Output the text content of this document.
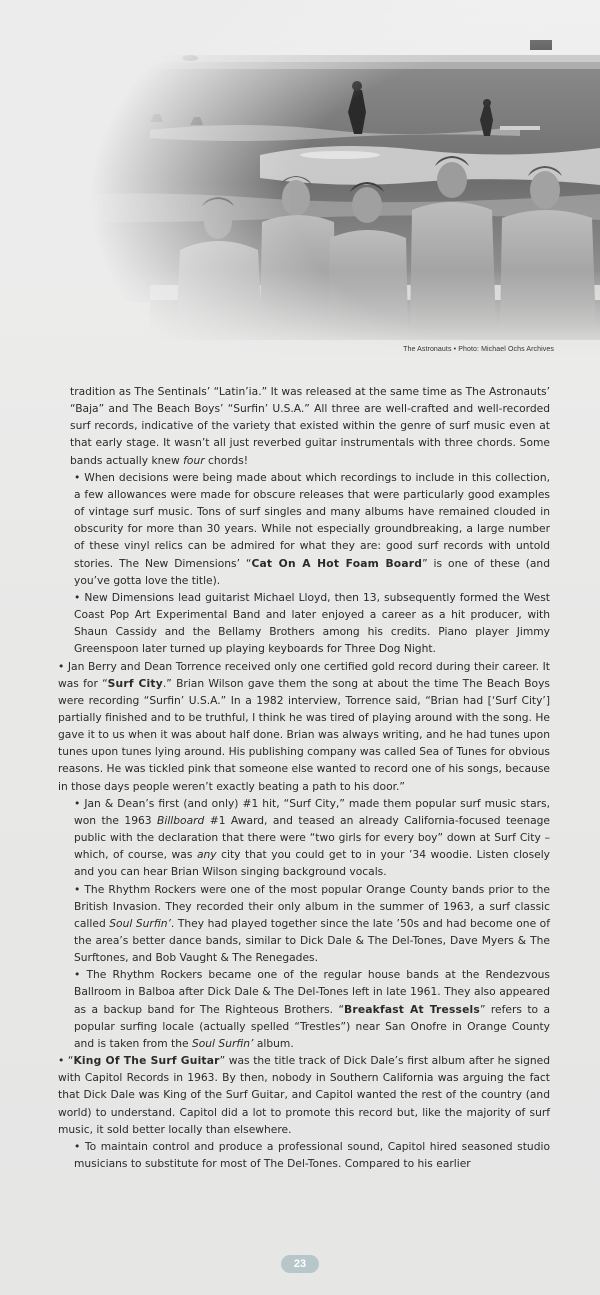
The Astronauts • Photo: Michael Ochs Archives

tradition as The Sentinals’ “Latin’ia.” It was released at the same time as The Astronauts’ “Baja” and The Beach Boys’ “Surfin’ U.S.A.” All three are well-crafted and well-recorded surf records, indicative of the variety that existed within the genre of surf music even at that early stage. It wasn’t all just reverbed guitar instrumentals with three chords. Some bands actually knew four chords!

• When decisions were being made about which recordings to include in this collection, a few allowances were made for obscure releases that were particularly good examples of vintage surf music. Tons of surf singles and many albums have remained clouded in obscurity for more than 30 years. While not especially groundbreaking, a large number of these vinyl relics can be admired for what they are: good surf records with untold stories. The New Dimensions’ “Cat On A Hot Foam Board” is one of these (and you’ve gotta love the title).

• New Dimensions lead guitarist Michael Lloyd, then 13, subsequently formed the West Coast Pop Art Experimental Band and later enjoyed a career as a hit producer, with Shaun Cassidy and the Bellamy Brothers among his credits. Piano player Jimmy Greenspoon later turned up playing keyboards for Three Dog Night.

• Jan Berry and Dean Torrence received only one certified gold record during their career. It was for “Surf City.” Brian Wilson gave them the song at about the time The Beach Boys were recording “Surfin’ U.S.A.” In a 1982 interview, Torrence said, “Brian had [‘Surf City’] partially finished and to be truthful, I think he was tired of playing around with the song. He gave it to us when it was about half done. Brian was always writing, and he had tunes upon tunes upon tunes lying around. His publishing company was called Sea of Tunes for obvious reasons. He was tickled pink that someone else wanted to record one of his songs, because in those days people weren’t exactly beating a path to his door.”

• Jan & Dean’s first (and only) #1 hit, “Surf City,” made them popular surf music stars, won the 1963 Billboard #1 Award, and teased an already California-focused teenage public with the declaration that there were “two girls for every boy” down at Surf City – which, of course, was any city that you could get to in your ’34 woodie. Listen closely and you can hear Brian Wilson singing background vocals.

• The Rhythm Rockers were one of the most popular Orange County bands prior to the British Invasion. They recorded their only album in the summer of 1963, a surf classic called Soul Surfin’. They had played together since the late ’50s and had become one of the area’s better dance bands, similar to Dick Dale & The Del-Tones, Dave Myers & The Surftones, and Bob Vaught & The Renegades.

• The Rhythm Rockers became one of the regular house bands at the Rendezvous Ballroom in Balboa after Dick Dale & The Del-Tones left in late 1961. They also appeared as a backup band for The Righteous Brothers. “Breakfast At Tressels” refers to a popular surfing locale (actually spelled “Trestles”) near San Onofre in Orange County and is taken from the Soul Surfin’ album.

• “King Of The Surf Guitar” was the title track of Dick Dale’s first album after he signed with Capitol Records in 1963. By then, nobody in Southern California was arguing the fact that Dick Dale was King of the Surf Guitar, and Capitol wanted the rest of the country (and world) to understand. Capitol did a lot to promote this record but, like the majority of surf music, it sold better locally than elsewhere.

• To maintain control and produce a professional sound, Capitol hired seasoned studio musicians to substitute for most of The Del-Tones. Compared to his earlier

23
